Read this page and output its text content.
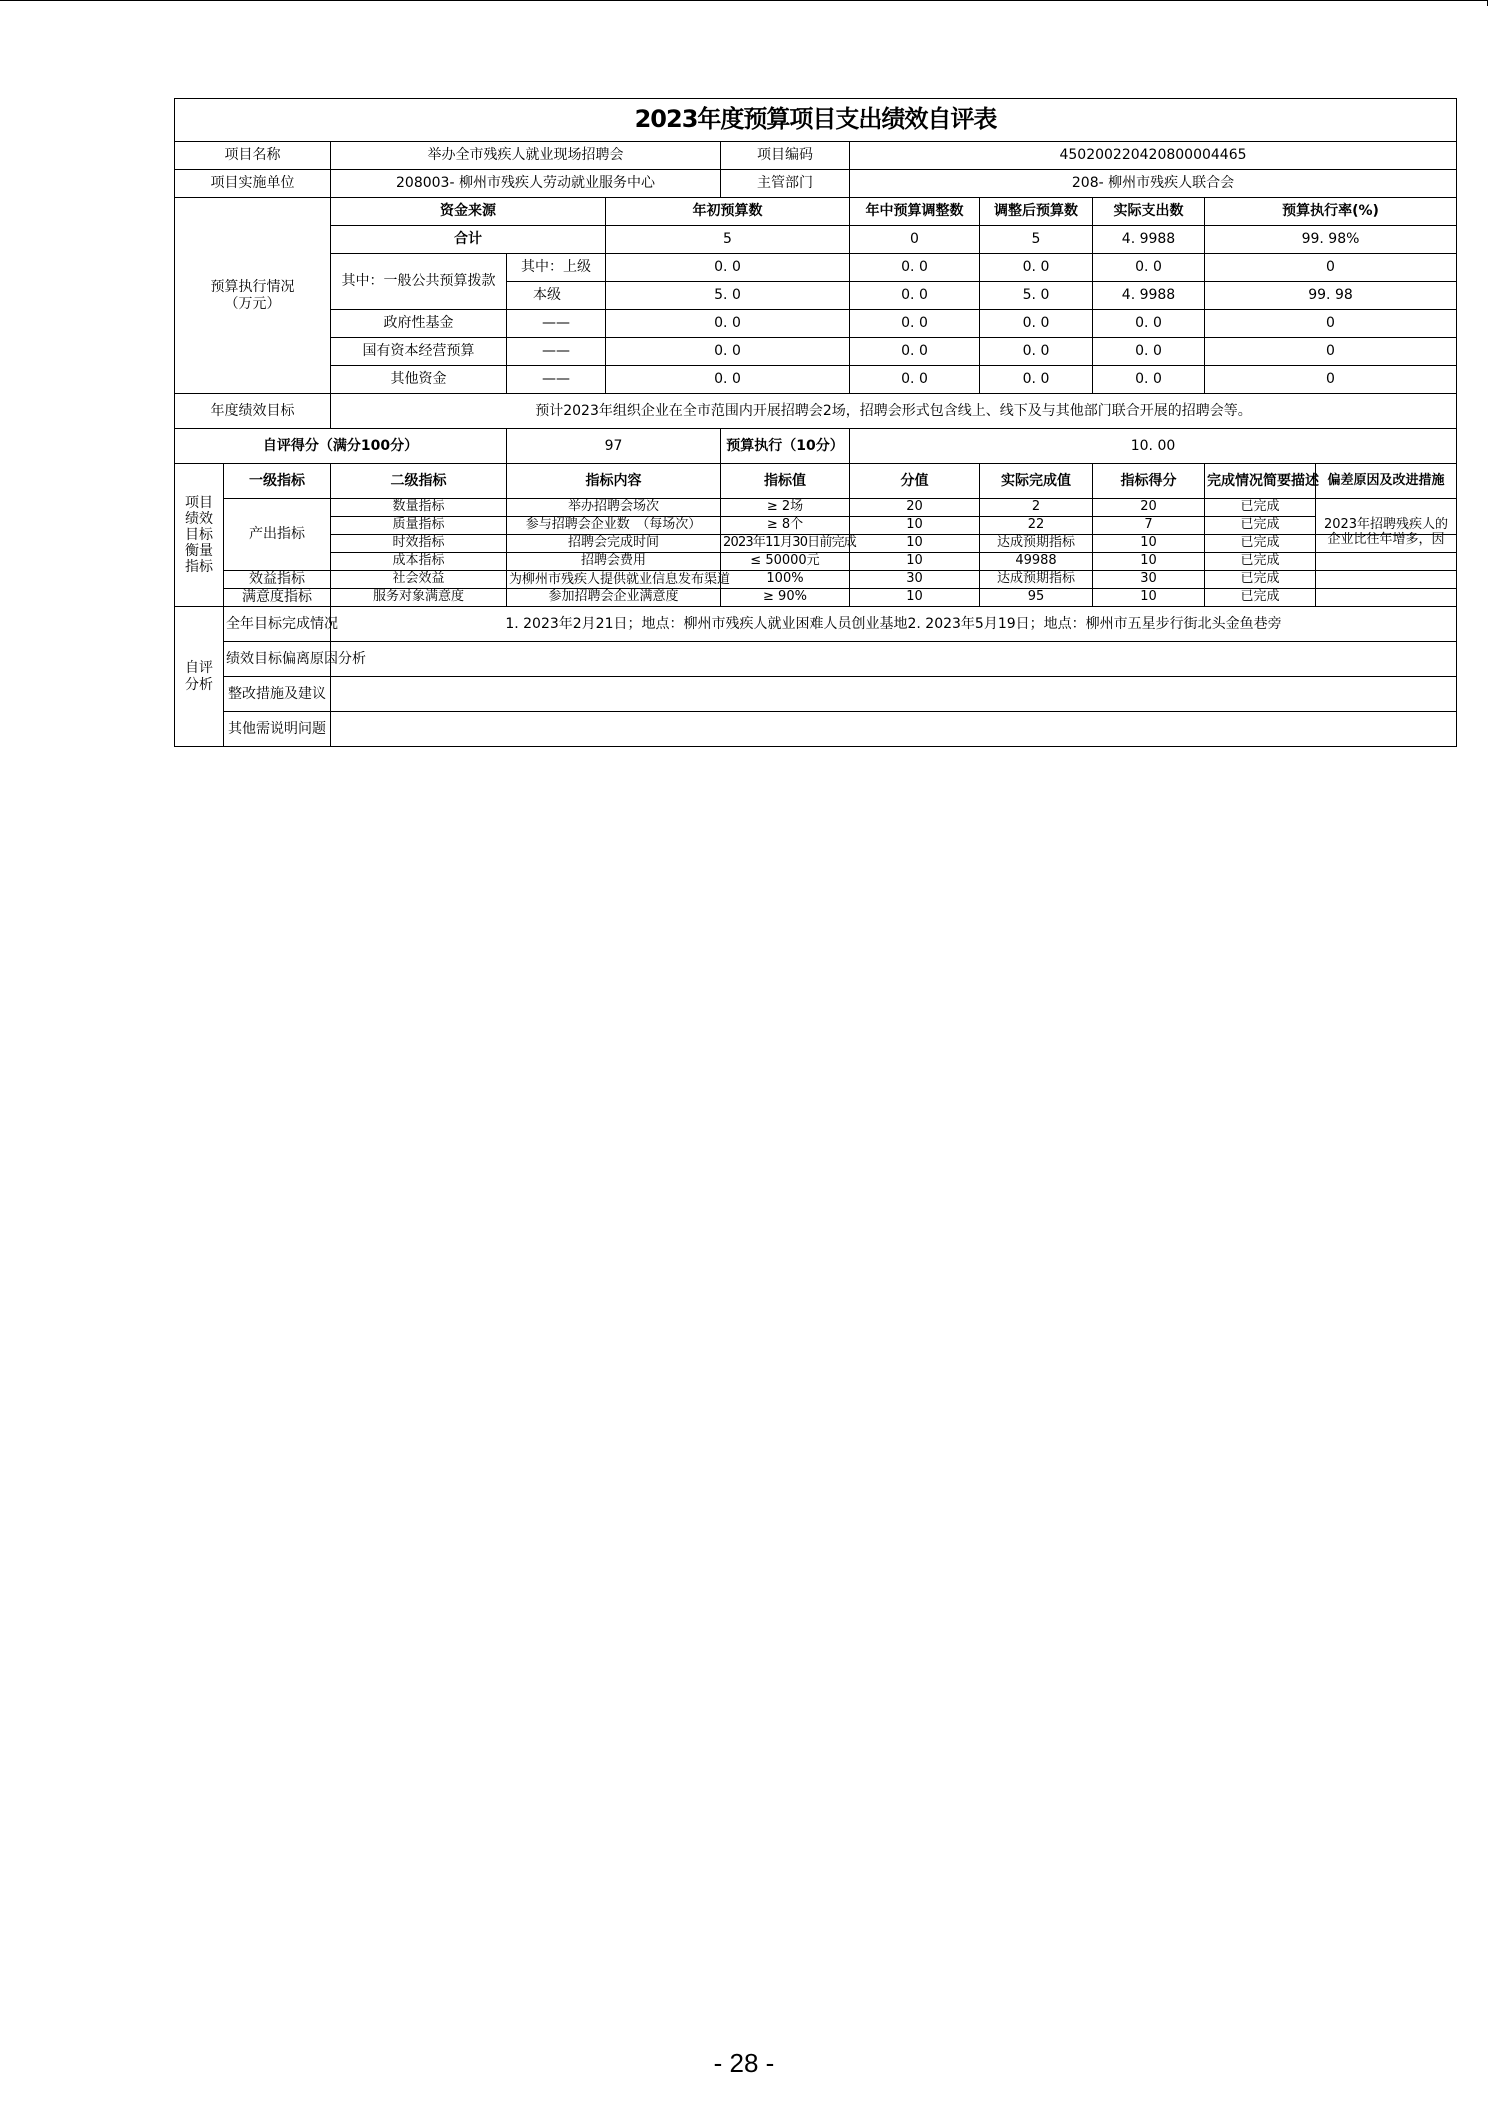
2023年度预算项目支出绩效自评表										
项目名称		举办全市残疾人就业现场招聘会			项目编码	450200220420800004465				
项目实施单位		208003- 柳州市残疾人劳动就业服务中心			主管部门	208- 柳州市残疾人联合会				
预算执行情况
（万元）		资金来源		年初预算数		年中预算调整数	调整后预算数	实际支出数	预算执行率(%)	
		合计		5		0	5	4. 9988	99. 98%	
		其中：一般公共预算拨款	其中：上级	0. 0		0. 0	0. 0	0. 0	0	
			本级	5. 0		0. 0	5. 0	4. 9988	99. 98	
		政府性基金	——	0. 0		0. 0	0. 0	0. 0	0	
		国有资本经营预算	——	0. 0		0. 0	0. 0	0. 0	0	
		其他资金	——	0. 0		0. 0	0. 0	0. 0	0	
年度绩效目标		预计2023年组织企业在全市范围内开展招聘会2场，招聘会形式包含线上、线下及与其他部门联合开展的招聘会等。								
自评得分（满分100分）			97		预算执行（10分）	10. 00				
项目
绩效
目标
衡量
指标	一级指标	二级指标	指标内容		指标值	分值	实际完成值	指标得分	完成情况简要描述	偏差原因及改进措施
	产出指标	数量指标	举办招聘会场次		≥ 2场	20	2	20	已完成	2023年招聘残疾人的企业比往年增多，因

		质量指标	参与招聘会企业数　（每场次）		≥ 8个	10	22	7	已完成	
		时效指标	招聘会完成时间		2023年11月30日前完成	10	达成预期指标	10	已完成	
		成本指标	招聘会费用		≤ 50000元	10	49988	10	已完成	
	效益指标	社会效益	为柳州市残疾人提供就业信息发布渠道		100%	30	达成预期指标	30	已完成	
	满意度指标	服务对象满意度	参加招聘会企业满意度		≥ 90%	10	95	10	已完成	
自评
分析	全年目标完成情况	1. 2023年2月21日；地点：柳州市残疾人就业困难人员创业基地2. 2023年5月19日；地点：柳州市五星步行街北头金鱼巷旁								
	绩效目标偏离原因分析									
	整改措施及建议									
	其他需说明问题									
- 28 -
